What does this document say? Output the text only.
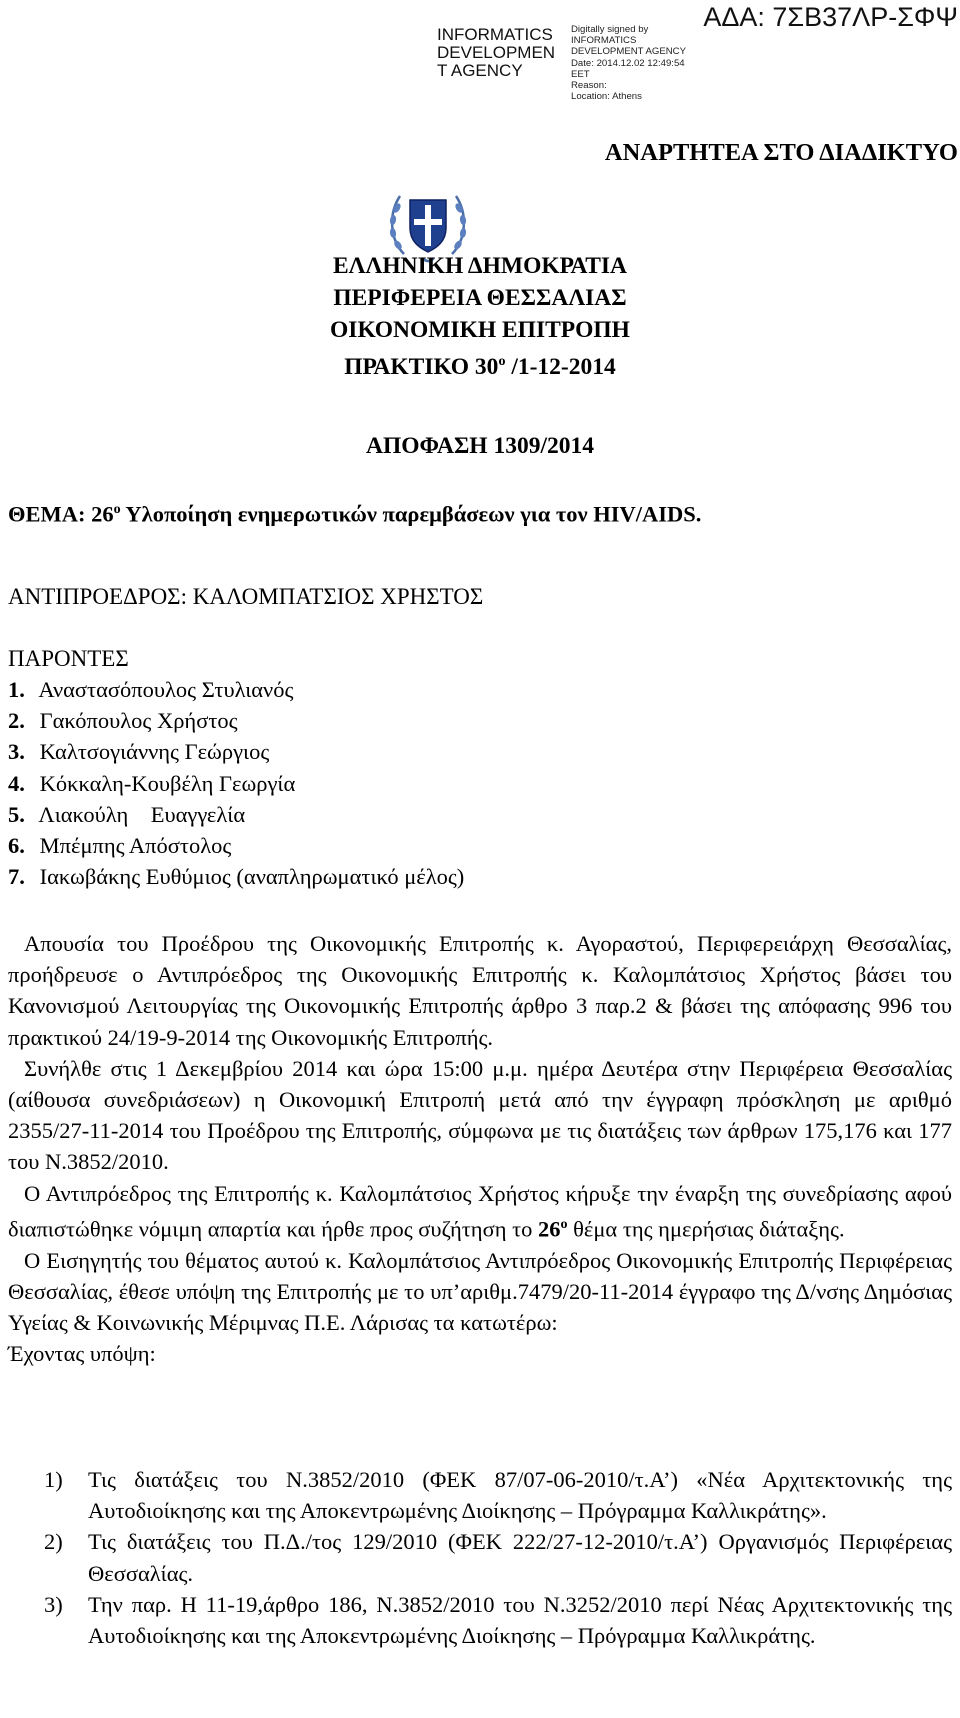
INFORMATICS
DEVELOPMEN
T AGENCY
Digitally signed by
INFORMATICS
DEVELOPMENT AGENCY
Date: 2014.12.02 12:49:54
EET
Reason:
Location: Athens
ΑΔΑ: 7ΣΒ37ΛΡ-ΣΦΨ
ΑΝΑΡΤΗΤΕΑ ΣΤΟ ΔΙΑΔΙΚΤΥΟ
ΕΛΛΗΝΙΚΗ ΔΗΜΟΚΡΑΤΙΑ
ΠΕΡΙΦΕΡΕΙΑ ΘΕΣΣΑΛΙΑΣ
ΟΙΚΟΝΟΜΙΚΗ ΕΠΙΤΡΟΠΗ
ΠΡΑΚΤΙΚΟ $30^o$ /1-12-2014
ΑΠΟΦΑΣΗ 1309/2014
ΘΕΜΑ: $26^o$ Υλοποίηση ενημερωτικών παρεμβάσεων για τον HIV/AIDS.
ΑΝΤΙΠΡΟΕΔΡΟΣ: ΚΑΛΟΜΠΑΤΣΙΟΣ ΧΡΗΣΤΟΣ
ΠΑΡΟΝΤΕΣ
1. Αναστασόπουλος Στυλιανός
2. Γακόπουλος Χρήστος
3. Καλτσογιάννης Γεώργιος
4. Κόκκαλη-Κουβέλη Γεωργία
5. Λιακούλη    Ευαγγελία
6. Μπέμπης Απόστολος
7. Ιακωβάκης Ευθύμιος (αναπληρωματικό μέλος)

Απουσία του Προέδρου της Οικονομικής Επιτροπής κ. Αγοραστού, Περιφερειάρχη Θεσσαλίας, προήδρευσε ο Αντιπρόεδρος της Οικονομικής Επιτροπής κ. Καλομπάτσιος Χρήστος βάσει του Κανονισμού Λειτουργίας της Οικονομικής Επιτροπής άρθρο 3 παρ.2 & βάσει της απόφασης 996 του πρακτικού 24/19-9-2014 της Οικονομικής Επιτροπής.

Συνήλθε στις 1 Δεκεμβρίου 2014 και ώρα 15:00 μ.μ. ημέρα Δευτέρα στην Περιφέρεια Θεσσαλίας (αίθουσα συνεδριάσεων) η Οικονομική Επιτροπή μετά από την έγγραφη πρόσκληση με αριθμό 2355/27-11-2014 του Προέδρου της Επιτροπής, σύμφωνα με τις διατάξεις των άρθρων 175,176 και 177 του Ν.3852/2010.

Ο Αντιπρόεδρος της Επιτροπής κ. Καλομπάτσιος Χρήστος κήρυξε την έναρξη της συνεδρίασης αφού διαπιστώθηκε νόμιμη απαρτία και ήρθε προς συζήτηση το $26^o$ θέμα της ημερήσιας διάταξης.

Ο Εισηγητής του θέματος αυτού κ. Καλομπάτσιος Αντιπρόεδρος Οικονομικής Επιτροπής Περιφέρειας Θεσσαλίας, έθεσε υπόψη της Επιτροπής με το υπ’αριθμ.7479/20-11-2014 έγγραφο της Δ/νσης Δημόσιας Υγείας & Κοινωνικής Μέριμνας Π.Ε. Λάρισας τα κατωτέρω:

Έχοντας υπόψη:

1) Τις διατάξεις του Ν.3852/2010 (ΦΕΚ 87/07-06-2010/τ.Α’) «Νέα Αρχιτεκτονικής της Αυτοδιοίκησης και της Αποκεντρωμένης Διοίκησης – Πρόγραμμα Καλλικράτης».
2) Τις διατάξεις του Π.Δ./τος 129/2010 (ΦΕΚ 222/27-12-2010/τ.Α’) Οργανισμός Περιφέρειας Θεσσαλίας.
3) Την παρ. Η 11-19,άρθρο 186, Ν.3852/2010 του Ν.3252/2010 περί Νέας Αρχιτεκτονικής της Αυτοδιοίκησης και της Αποκεντρωμένης Διοίκησης – Πρόγραμμα Καλλικράτης.
